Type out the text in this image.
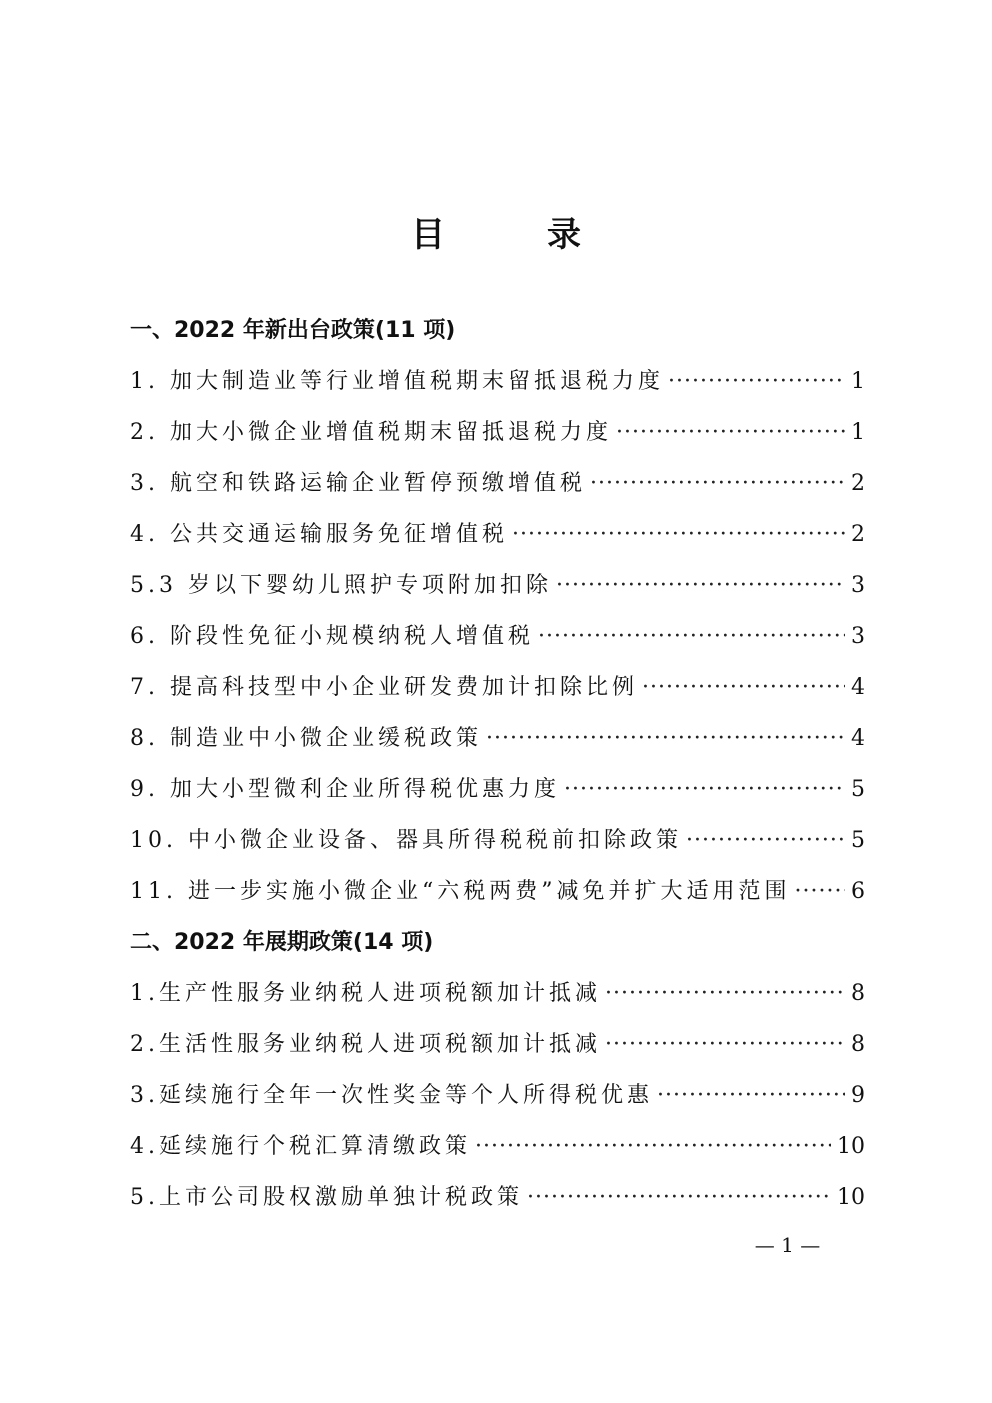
目　录
一、2022 年新出台政策(11 项)
1. 加大制造业等行业增值税期末留抵退税力度 ·····	1
2. 加大小微企业增值税期末留抵退税力度 ·····	1
3. 航空和铁路运输企业暂停预缴增值税 ·····	2
4. 公共交通运输服务免征增值税 ·····	2
5.3 岁以下婴幼儿照护专项附加扣除 ·····	3
6. 阶段性免征小规模纳税人增值税 ·····	3
7. 提高科技型中小企业研发费加计扣除比例 ·····	4
8. 制造业中小微企业缓税政策 ·····	4
9. 加大小型微利企业所得税优惠力度 ·····	5
10. 中小微企业设备、器具所得税税前扣除政策 ·····	5
11. 进一步实施小微企业“六税两费”减免并扩大适用范围 ·····	6
二、2022 年展期政策(14 项)
1.生产性服务业纳税人进项税额加计抵减 ·····	8
2.生活性服务业纳税人进项税额加计抵减 ·····	8
3.延续施行全年一次性奖金等个人所得税优惠 ·····	9
4.延续施行个税汇算清缴政策 ·····	10
5.上市公司股权激励单独计税政策 ·····	10
— 1 —
